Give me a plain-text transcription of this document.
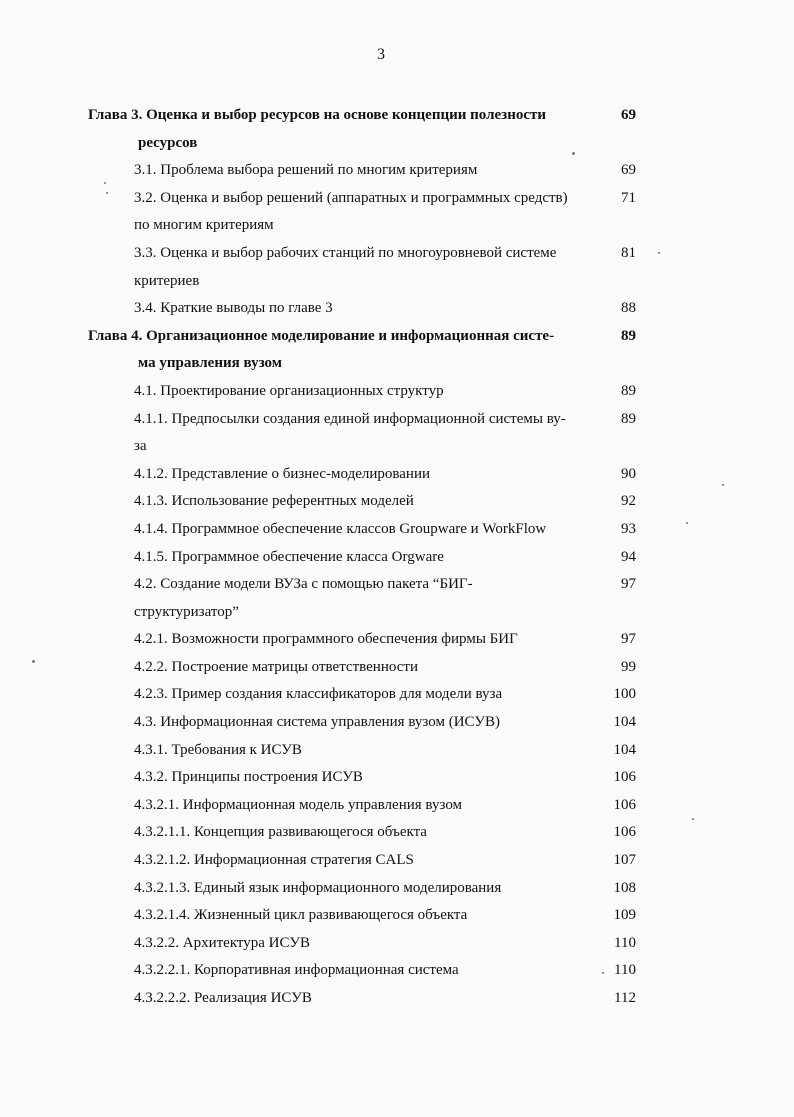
3
Глава 3. Оценка и выбор ресурсов на основе концепции полезности	69
ресурсов
3.1. Проблема выбора решений по многим критериям	69
3.2. Оценка и выбор решений (аппаратных и программных средств)	71
по многим критериям
3.3. Оценка и выбор рабочих станций по многоуровневой системе	81
критериев
3.4. Краткие выводы по главе 3	88
Глава 4. Организационное моделирование и информационная систе-	89
ма управления вузом
4.1. Проектирование организационных структур	89
4.1.1. Предпосылки создания единой информационной системы ву-	89
за
4.1.2. Представление о бизнес-моделировании	90
4.1.3. Использование референтных моделей	92
4.1.4. Программное обеспечение классов Groupware и WorkFlow	93
4.1.5. Программное обеспечение класса Orgware	94
4.2. Создание модели ВУЗа с помощью пакета “БИГ-	97
структуризатор”
4.2.1. Возможности программного обеспечения фирмы БИГ	97
4.2.2. Построение матрицы ответственности	99
4.2.3. Пример создания классификаторов для модели вуза	100
4.3. Информационная система управления вузом (ИСУВ)	104
4.3.1. Требования к ИСУВ	104
4.3.2. Принципы построения ИСУВ	106
4.3.2.1. Информационная модель управления вузом	106
4.3.2.1.1. Концепция развивающегося объекта	106
4.3.2.1.2. Информационная стратегия CALS	107
4.3.2.1.3. Единый язык информационного моделирования	108
4.3.2.1.4. Жизненный цикл развивающегося объекта	109
4.3.2.2. Архитектура ИСУВ	110
4.3.2.2.1. Корпоративная информационная система	110
4.3.2.2.2. Реализация ИСУВ	112
